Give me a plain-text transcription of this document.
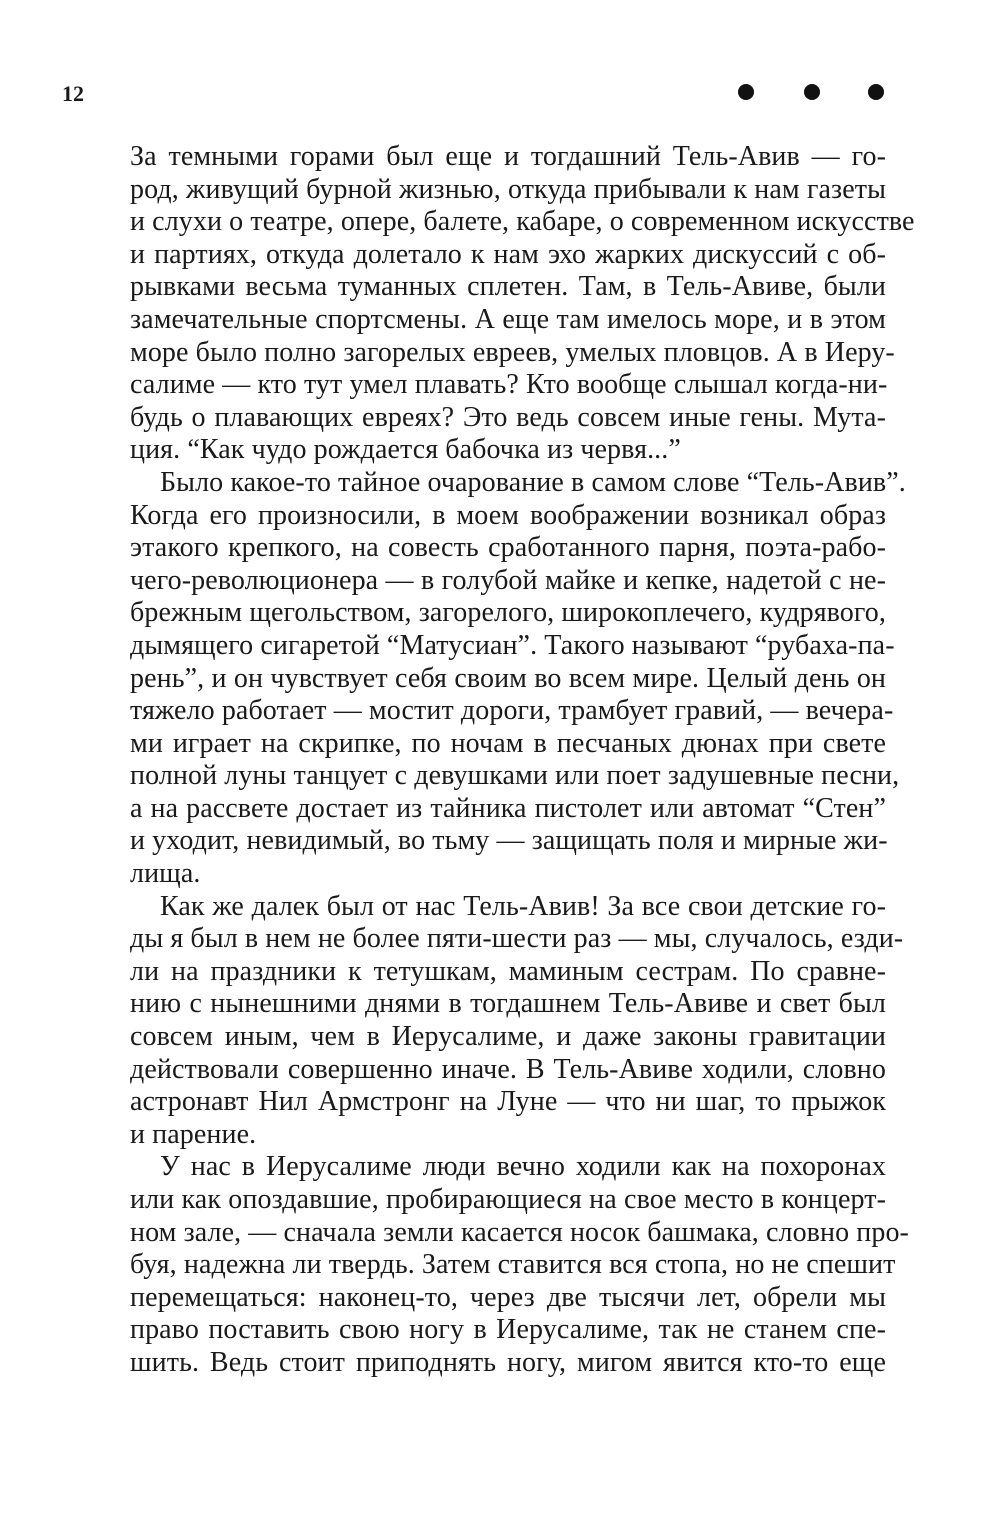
12
За темными горами был еще и тогдашний Тель-Авив — го-
род, живущий бурной жизнью, откуда прибывали к нам газеты
и слухи о театре, опере, балете, кабаре, о современном искусстве
и партиях, откуда долетало к нам эхо жарких дискуссий с об-
рывками весьма туманных сплетен. Там, в Тель-Авиве, были
замечательные спортсмены. А еще там имелось море, и в этом
море было полно загорелых евреев, умелых пловцов. А в Иеру-
салиме — кто тут умел плавать? Кто вообще слышал когда-ни-
будь о плавающих евреях? Это ведь совсем иные гены. Мута-
ция. “Как чудо рождается бабочка из червя...”
Было какое-то тайное очарование в самом слове “Тель-Авив”.
Когда его произносили, в моем воображении возникал образ
этакого крепкого, на совесть сработанного парня, поэта-рабо-
чего-революционера — в голубой майке и кепке, надетой с не-
брежным щегольством, загорелого, широкоплечего, кудрявого,
дымящего сигаретой “Матусиан”. Такого называют “рубаха-па-
рень”, и он чувствует себя своим во всем мире. Целый день он
тяжело работает — мостит дороги, трамбует гравий, — вечера-
ми играет на скрипке, по ночам в песчаных дюнах при свете
полной луны танцует с девушками или поет задушевные песни,
а на рассвете достает из тайника пистолет или автомат “Стен”
и уходит, невидимый, во тьму — защищать поля и мирные жи-
лища.
Как же далек был от нас Тель-Авив! За все свои детские го-
ды я был в нем не более пяти-шести раз — мы, случалось, езди-
ли на праздники к тетушкам, маминым сестрам. По сравне-
нию с нынешними днями в тогдашнем Тель-Авиве и свет был
совсем иным, чем в Иерусалиме, и даже законы гравитации
действовали совершенно иначе. В Тель-Авиве ходили, словно
астронавт Нил Армстронг на Луне — что ни шаг, то прыжок
и парение.
У нас в Иерусалиме люди вечно ходили как на похоронах
или как опоздавшие, пробирающиеся на свое место в концерт-
ном зале, — сначала земли касается носок башмака, словно про-
буя, надежна ли твердь. Затем ставится вся стопа, но не спешит
перемещаться: наконец-то, через две тысячи лет, обрели мы
право поставить свою ногу в Иерусалиме, так не станем спе-
шить. Ведь стоит приподнять ногу, мигом явится кто-то еще
